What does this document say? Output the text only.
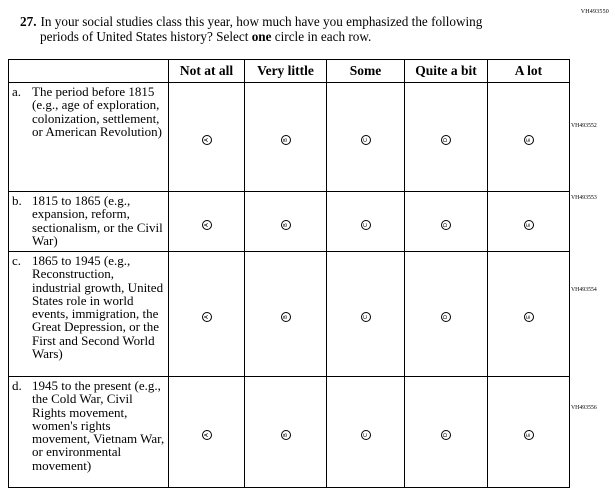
VH493550
27. In your social studies class this year, how much have you emphasized the following
periods of United States history? Select one circle in each row.
	Not at all	Very little	Some	Quite a bit	A lot

a. The period before 1815 (e.g., age of exploration, colonization, settlement, or American Revolution)	A	B	C	D	E

b. 1815 to 1865 (e.g., expansion, reform, sectionalism, or the Civil War)	A	B	C	D	E

c. 1865 to 1945 (e.g., Reconstruction, industrial growth, United States role in world events, immigration, the Great Depression, or the First and Second World Wars)	A	B	C	D	E

d. 1945 to the present (e.g., the Cold War, Civil Rights movement, women's rights movement, Vietnam War, or environmental movement)	A	B	C	D	E
VH493552
VH493553
VH493554
VH493556
